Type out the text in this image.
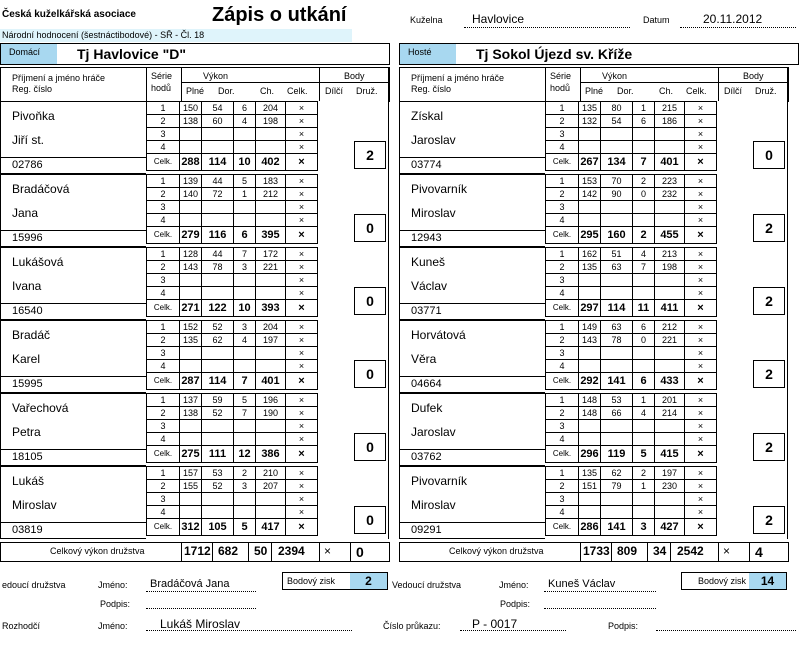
Česká kuželkářská asociace	Zápis o utkání	Kuželna Havlovice	Datum	20.11.2012
Národní hodnocení (šestnáctibodové) - SŘ - Čl. 18
Domácí	Tj Havlovice "D"	Hosté	Tj Sokol Újezd sv. Kříže
Příjmení a jméno hráče
Reg. číslo
Série
hodů
Výkon
Plné Dor.	Ch. Celk.
Body
Dílčí Druž.
Pivoňka
Jiří st.
02786
1	150	54	6	204	×
2	138	60	4	198	×
3					×
4					×
Celk.	288	114	10	402	×	2
Bradáčová
Jana
15996
1	139	44	5	183	×
2	140	72	1	212	×
3					×
4					×
Celk.	279	116	6	395	×	0
Lukášová
Ivana
16540
1	128	44	7	172	×
2	143	78	3	221	×
3					×
4					×
Celk.	271	122	10	393	×	0
Bradáč
Karel
15995
1	152	52	3	204	×
2	135	62	4	197	×
3					×
4					×
Celk.	287	114	7	401	×	0
Vařechová
Petra
18105
1	137	59	5	196	×
2	138	52	7	190	×
3					×
4					×
Celk.	275	111	12	386	×	0
Lukáš
Miroslav
03819
1	157	53	2	210	×
2	155	52	3	207	×
3					×
4					×
Celk.	312	105	5	417	×	0
Celkový výkon družstva	1712 682 50 2394 × 0
Příjmení a jméno hráče
Reg. číslo
Série
hodů
Výkon
Plné Dor.	Ch. Celk.
Body
Dílčí Druž.
Získal
Jaroslav
03774
1	135	80	1	215	×
2	132	54	6	186	×
3					×
4					×
Celk.	267	134	7	401	×	0
Pivovarník
Miroslav
12943
1	153	70	2	223	×
2	142	90	0	232	×
3					×
4					×
Celk.	295	160	2	455	×	2
Kuneš
Václav
03771
1	162	51	4	213	×
2	135	63	7	198	×
3					×
4					×
Celk.	297	114	11	411	×	2
Horvátová
Věra
04664
1	149	63	6	212	×
2	143	78	0	221	×
3					×
4					×
Celk.	292	141	6	433	×	2
Dufek
Jaroslav
03762
1	148	53	1	201	×
2	148	66	4	214	×
3					×
4					×
Celk.	296	119	5	415	×	2
Pivovarník
Miroslav
09291
1	135	62	2	197	×
2	151	79	1	230	×
3					×
4					×
Celk.	286	141	3	427	×	2
Celkový výkon družstva	1733 809 34 2542 × 4
edoucí družstva	Jméno: Bradáčová Jana	Bodový zisk	2
Podpis:
Rozhodčí	Jméno:	Lukáš Miroslav
Vedoucí družstva	Jméno: Kuneš Václav	Bodový zisk	14
Podpis:
Číslo průkazu:	P - 0017	Podpis:
